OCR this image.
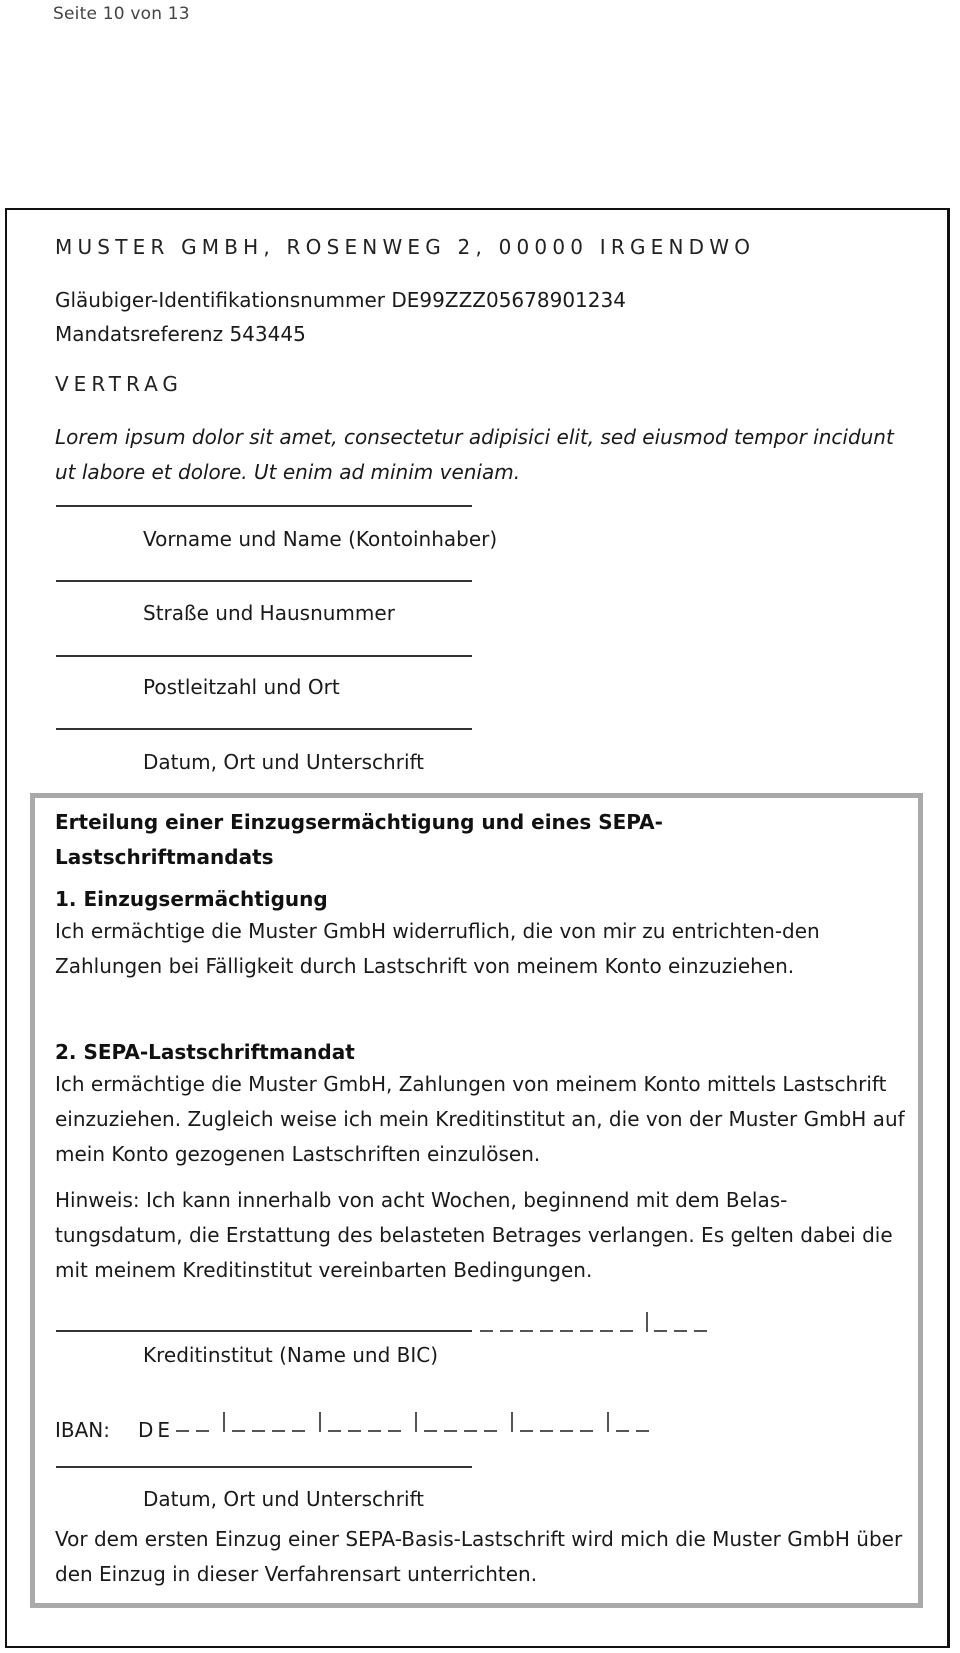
Seite 10 von 13
MUSTER GMBH, ROSENWEG 2, 00000 IRGENDWO
Gläubiger-Identifikationsnummer DE99ZZZ05678901234
Mandatsreferenz 543445
VERTRAG
Lorem ipsum dolor sit amet, consectetur adipisici elit, sed eiusmod tempor incidunt ut labore et dolore. Ut enim ad minim veniam.
Vorname und Name (Kontoinhaber)
Straße und Hausnummer
Postleitzahl und Ort
Datum, Ort und Unterschrift
Erteilung einer Einzugsermächtigung und eines SEPA-Lastschriftmandats
1. Einzugsermächtigung
Ich ermächtige die Muster GmbH widerruflich, die von mir zu entrichten-den Zahlungen bei Fälligkeit durch Lastschrift von meinem Konto einzuziehen.
2. SEPA-Lastschriftmandat
Ich ermächtige die Muster GmbH, Zahlungen von meinem Konto mittels Lastschrift einzuziehen. Zugleich weise ich mein Kreditinstitut an, die von der Muster GmbH auf mein Konto gezogenen Lastschriften einzulösen.
Hinweis: Ich kann innerhalb von acht Wochen, beginnend mit dem Belas-tungsdatum, die Erstattung des belasteten Betrages verlangen. Es gelten dabei die mit meinem Kreditinstitut vereinbarten Bedingungen.
Kreditinstitut (Name und BIC)
IBAN: DE
Datum, Ort und Unterschrift
Vor dem ersten Einzug einer SEPA-Basis-Lastschrift wird mich die Muster GmbH über den Einzug in dieser Verfahrensart unterrichten.
